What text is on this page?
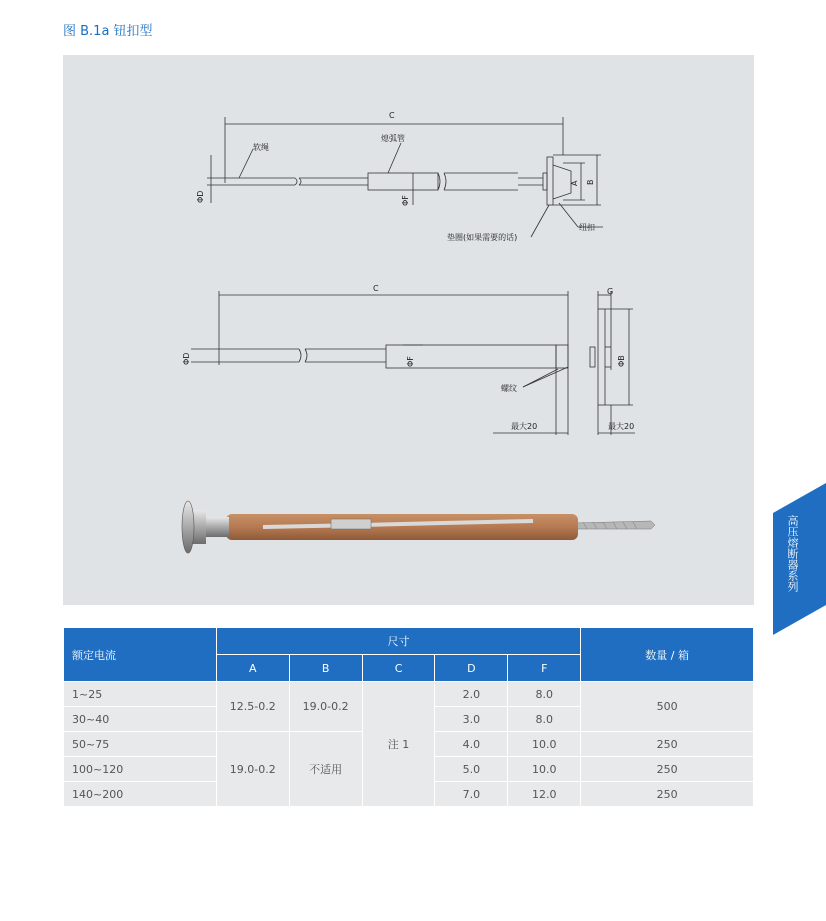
图 B.1a 钮扣型
C
软绳
熄弧管
ΦD	ΦF
A B
纽扣
垫圈(如果需要的话)
C	G
ΦD	ΦF	ΦB
螺纹
最大20	最大20
高压熔断器系列
额定电流	尺寸					数量 / 箱
	A	B	C	D	F	
1~25	12.5-0.2	19.0-0.2	注 1	2.0	8.0	500
30~40				3.0	8.0	
50~75	19.0-0.2	不适用		4.0	10.0	250
100~120				5.0	10.0	250
140~200				7.0	12.0	250
